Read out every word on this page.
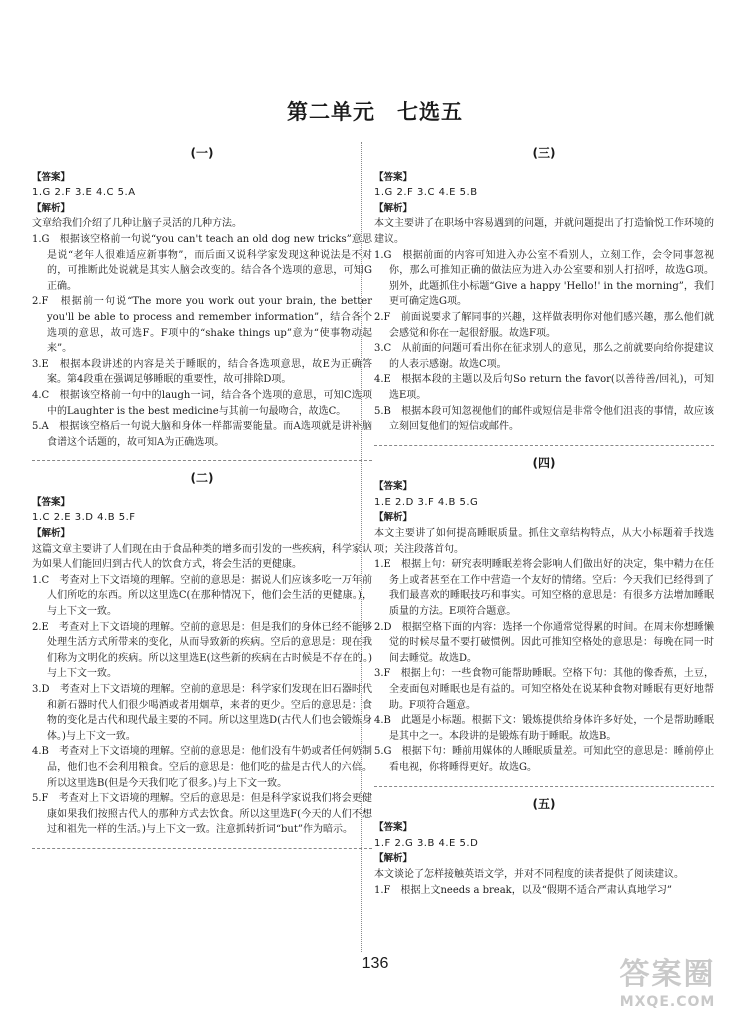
第二单元　七选五
(一)

【答案】

1.G 2.F 3.E 4.C 5.A

【解析】

文章给我们介绍了几种让脑子灵活的几种方法。

1.G　根据该空格前一句说“you can't teach an old dog new tricks”意思是说“老年人很难适应新事物”，而后面又说科学家发现这种说法是不对的，可推断此处说就是其实人脑会改变的。结合各个选项的意思，可知G正确。

2.F　根据前一句说“The more you work out your brain, the better you'll be able to process and remember information”，结合各个选项的意思，故可选F。F项中的“shake things up”意为“使事物动起来”。

3.E　根据本段讲述的内容是关于睡眠的，结合各选项意思，故E为正确答案。第4段重在强调足够睡眠的重要性，故可排除D项。

4.C　根据该空格前一句中的laugh一词，结合各个选项的意思，可知C选项中的Laughter is the best medicine与其前一句最吻合，故选C。

5.A　根据该空格后一句说大脑和身体一样都需要能量。而A选项就是讲补脑食谱这个话题的，故可知A为正确选项。

(二)

【答案】

1.C 2.E 3.D 4.B 5.F

【解析】

这篇文章主要讲了人们现在由于食品种类的增多而引发的一些疾病，科学家认为如果人们能回归到古代人的饮食方式，将会生活的更健康。

1.C　考查对上下文语境的理解。空前的意思是：据说人们应该多吃一万年前人们所吃的东西。所以这里选C(在那种情况下，他们会生活的更健康。)，与上下文一致。

2.E　考查对上下文语境的理解。空前的意思是：但是我们的身体已经不能够处理生活方式所带来的变化，从而导致新的疾病。空后的意思是：现在我们称为文明化的疾病。所以这里选E(这些新的疾病在古时候是不存在的。)与上下文一致。

3.D　考查对上下文语境的理解。空前的意思是：科学家们发现在旧石器时代和新石器时代人们很少喝酒或者用烟草，来者的更少。空后的意思是：食物的变化是古代和现代最主要的不同。所以这里选D(古代人们也会锻炼身体。)与上下文一致。

4.B　考查对上下文语境的理解。空前的意思是：他们没有牛奶或者任何奶制品，他们也不会利用粮食。空后的意思是：他们吃的盐是古代人的六倍。所以这里选B(但是今天我们吃了很多。)与上下文一致。

5.F　考查对上下文语境的理解。空后的意思是：但是科学家说我们将会更健康如果我们按照古代人的那种方式去饮食。所以这里选F(今天的人们不想过和祖先一样的生活。)与上下文一致。注意抓转折词“but”作为暗示。

(三)

【答案】

1.G 2.F 3.C 4.E 5.B

【解析】

本文主要讲了在职场中容易遇到的问题，并就问题提出了打造愉悦工作环境的建议。

1.G　根据前面的内容可知进入办公室不看别人，立刻工作，会令同事忽视你，那么可推知正确的做法应为进入办公室要和别人打招呼，故选G项。别外，此题抓住小标题“Give a happy 'Hello!' in the morning”，我们更可确定选G项。

2.F　前面说要求了解同事的兴趣，这样做表明你对他们感兴趣，那么他们就会感觉和你在一起很舒服。故选F项。

3.C　从前面的问题可看出你在征求别人的意见，那么之前就要向给你提建议的人表示感谢。故选C项。

4.E　根据本段的主题以及后句So return the favor(以善待善/回礼)，可知选E项。

5.B　根据本段可知忽视他们的邮件或短信是非常令他们沮丧的事情，故应该立刻回复他们的短信或邮件。

(四)

【答案】

1.E 2.D 3.F 4.B 5.G

【解析】

本文主要讲了如何提高睡眠质量。抓住文章结构特点，从大小标题着手找选项；关注段落首句。

1.E　根据上句：研究表明睡眠差将会影响人们做出好的决定，集中精力在任务上或者甚至在工作中营造一个友好的情绪。空后：今天我们已经得到了我们最喜欢的睡眠技巧和事实。可知空格的意思是：有很多方法增加睡眠质量的方法。E项符合题意。

2.D　根据空格下面的内容：选择一个你通常觉得累的时间。在周末你想睡懒觉的时候尽量不要打破惯例。因此可推知空格处的意思是：每晚在同一时间去睡觉。故选D。

3.F　根据上句：一些食物可能帮助睡眠。空格下句：其他的像香蕉，土豆，全麦面包对睡眠也是有益的。可知空格处在说某种食物对睡眠有更好地帮助。F项符合题意。

4.B　此题是小标题。根据下文：锻炼提供给身体许多好处，一个是帮助睡眠是其中之一。本段讲的是锻炼有助于睡眠。故选B。

5.G　根据下句：睡前用媒体的人睡眠质量差。可知此空的意思是：睡前停止看电视，你将睡得更好。故选G。

(五)

【答案】

1.F 2.G 3.B 4.E 5.D

【解析】

本文谈论了怎样接触英语文学，并对不同程度的读者提供了阅读建议。

1.F　根据上文needs a break，以及“假期不适合严肃认真地学习”

136	答案圈
MXQE.COM
